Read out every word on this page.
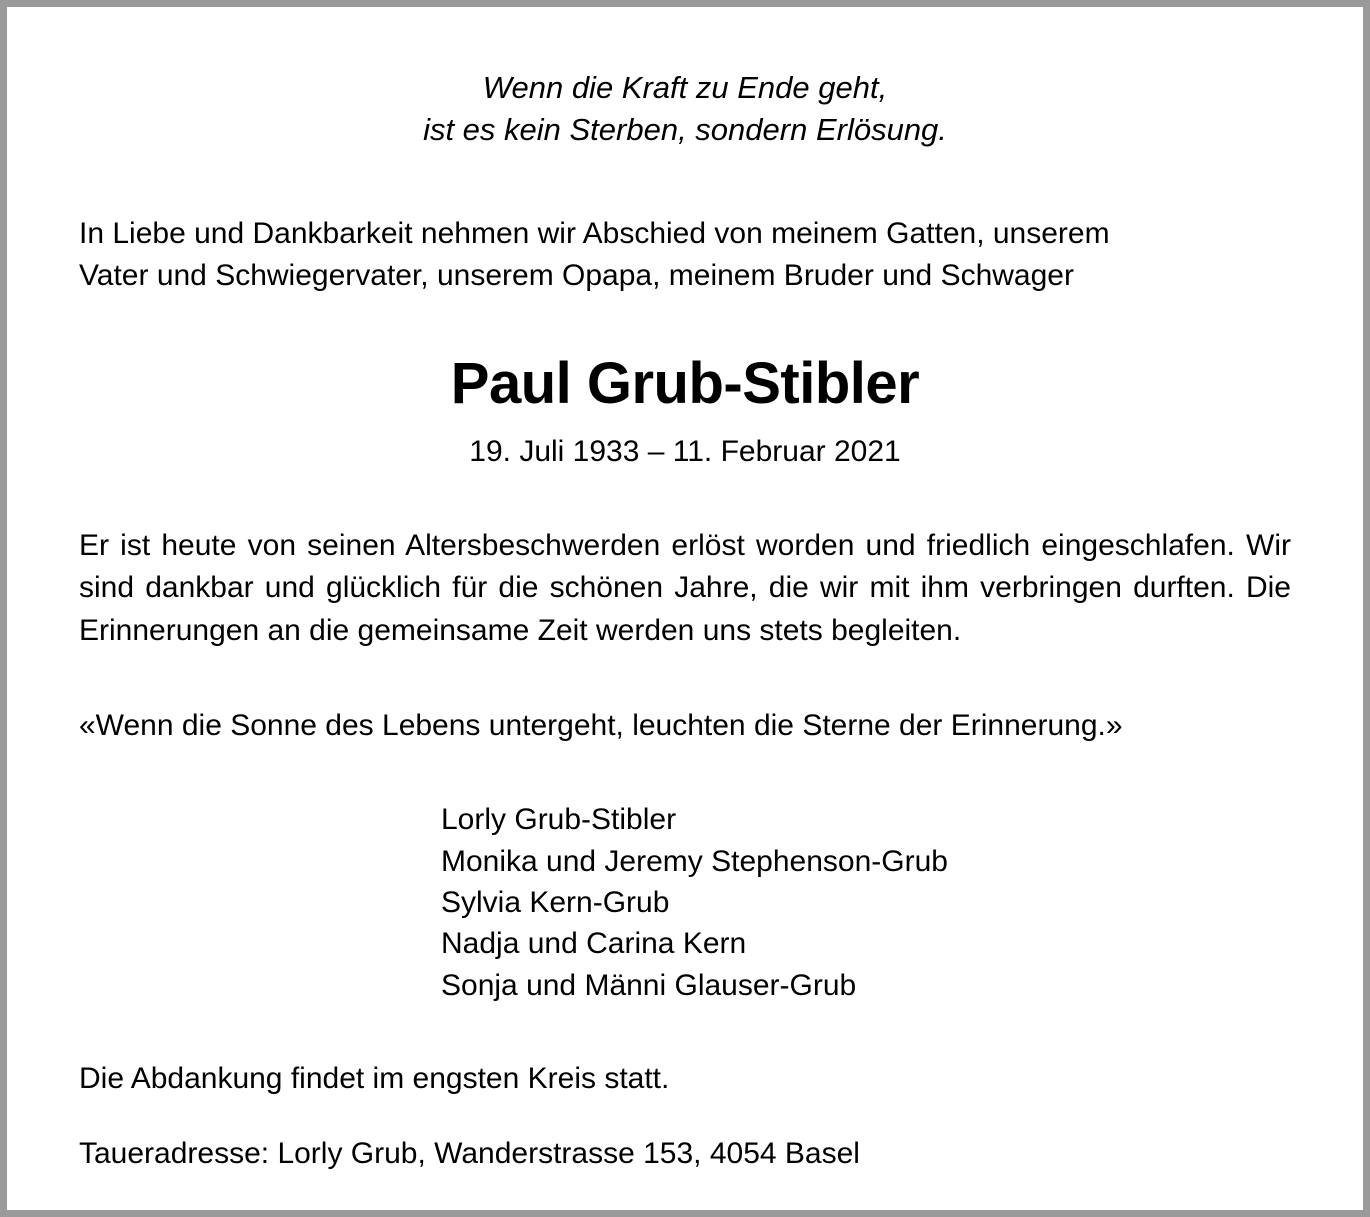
Wenn die Kraft zu Ende geht,
ist es kein Sterben, sondern Erlösung.
In Liebe und Dankbarkeit nehmen wir Abschied von meinem Gatten, unserem
Vater und Schwiegervater, unserem Opapa, meinem Bruder und Schwager
Paul Grub-Stibler
19. Juli 1933 – 11. Februar 2021
Er ist heute von seinen Altersbeschwerden erlöst worden und friedlich eingeschlafen. Wir sind dankbar und glücklich für die schönen Jahre, die wir mit ihm verbringen durften. Die Erinnerungen an die gemeinsame Zeit werden uns stets begleiten.
«Wenn die Sonne des Lebens untergeht, leuchten die Sterne der Erinnerung.»
Lorly Grub-Stibler
Monika und Jeremy Stephenson-Grub
Sylvia Kern-Grub
Nadja und Carina Kern
Sonja und Männi Glauser-Grub
Die Abdankung findet im engsten Kreis statt.
Taueradresse: Lorly Grub, Wanderstrasse 153, 4054 Basel
